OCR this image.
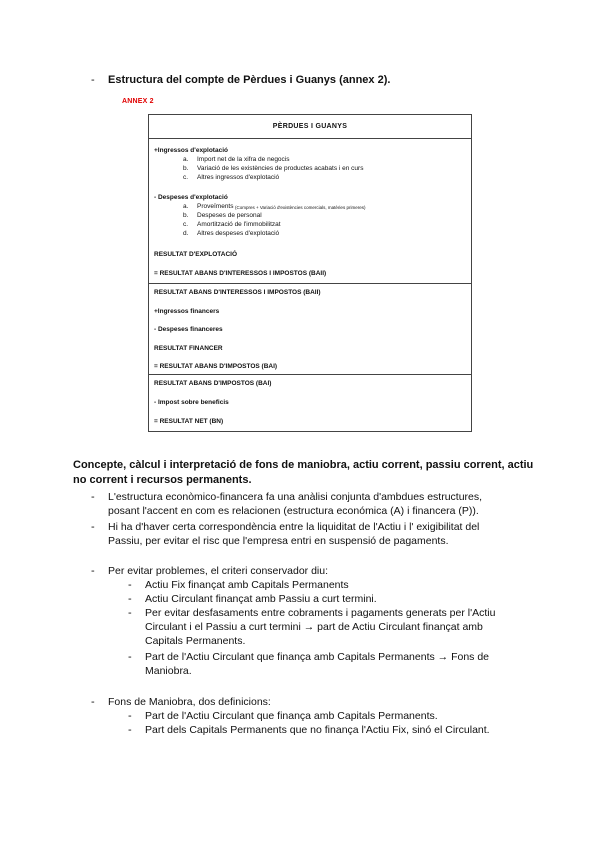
- Estructura del compte de Pèrdues i Guanys (annex 2).
ANNEX 2
PÈRDUES I GUANYS
+Ingressos d'explotació
a. Import net de la xifra de negocis
b. Variació de les existències de productes acabats i en curs
c. Altres ingressos d'explotació
- Despeses d'explotació
a. Proveïments (Compres + Variació d'existències comercials, matèries primeres)
b. Despeses de personal
c. Amortització de l'immobilitzat
d. Altres despeses d'explotació
RESULTAT D'EXPLOTACIÓ
= RESULTAT ABANS D'INTERESSOS I IMPOSTOS (BAII)
RESULTAT ABANS D'INTERESSOS I IMPOSTOS (BAII)
+Ingressos financers
- Despeses financeres
RESULTAT FINANCER
= RESULTAT ABANS D'IMPOSTOS (BAI)
RESULTAT ABANS D'IMPOSTOS (BAI)
- Impost sobre beneficis
= RESULTAT NET (BN)
Concepte, càlcul i interpretació de fons de maniobra, actiu corrent, passiu corrent, actiu no corrent i recursos permanents.
- L'estructura econòmico-financera fa una anàlisi conjunta d'ambdues estructures,
posant l'accent en com es relacionen (estructura económica (A) i financera (P)).
- Hi ha d'haver certa correspondència entre la liquiditat de l'Actiu i l' exigibilitat del
Passiu, per evitar el risc que l'empresa entri en suspensió de pagaments.
- Per evitar problemes, el criteri conservador diu:
- Actiu Fix finançat amb Capitals Permanents
- Actiu Circulant finançat amb Passiu a curt termini.
- Per evitar desfasaments entre cobraments i pagaments generats per l'Actiu
Circulant i el Passiu a curt termini → part de Actiu Circulant finançat amb
Capitals Permanents.
- Part de l'Actiu Circulant que finança amb Capitals Permanents → Fons de
Maniobra.
- Fons de Maniobra, dos definicions:
- Part de l'Actiu Circulant que finança amb Capitals Permanents.
- Part dels Capitals Permanents que no finança l'Actiu Fix, sinó el Circulant.
